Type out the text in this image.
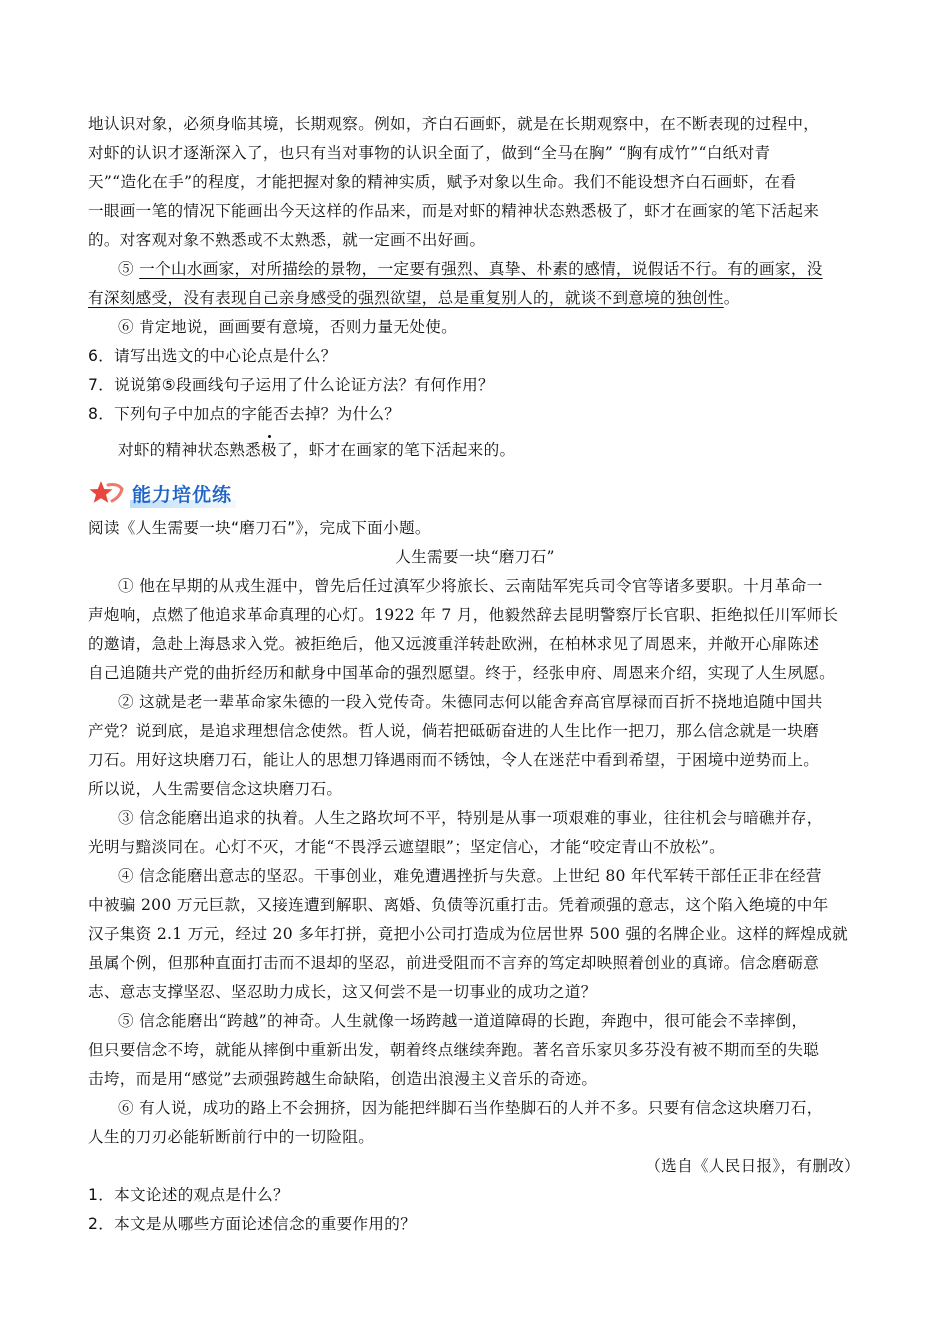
地认识对象，必须身临其境，长期观察。例如，齐白石画虾，就是在长期观察中，在不断表现的过程中，
对虾的认识才逐渐深入了，也只有当对事物的认识全面了，做到“全马在胸” “胸有成竹”“白纸对青
天”“造化在手”的程度，才能把握对象的精神实质，赋予对象以生命。我们不能设想齐白石画虾，在看
一眼画一笔的情况下能画出今天这样的作品来，而是对虾的精神状态熟悉极了，虾才在画家的笔下活起来
的。对客观对象不熟悉或不太熟悉，就一定画不出好画。
⑤ 一个山水画家，对所描绘的景物，一定要有强烈、真挚、朴素的感情，说假话不行。有的画家，没
有深刻感受，没有表现自己亲身感受的强烈欲望，总是重复别人的，就谈不到意境的独创性。
⑥ 肯定地说，画画要有意境，否则力量无处使。
6．请写出选文的中心论点是什么？
7．说说第⑤段画线句子运用了什么论证方法？有何作用？
8．下列句子中加点的字能否去掉？为什么？
对虾的精神状态熟悉极了，虾才在画家的笔下活起来的。
能力培优练
阅读《人生需要一块“磨刀石”》，完成下面小题。
人生需要一块“磨刀石”
① 他在早期的从戎生涯中，曾先后任过滇军少将旅长、云南陆军宪兵司令官等诸多要职。十月革命一
声炮响，点燃了他追求革命真理的心灯。1922 年 7 月，他毅然辞去昆明警察厅长官职、拒绝拟任川军师长
的邀请，急赴上海恳求入党。被拒绝后，他又远渡重洋转赴欧洲，在柏林求见了周恩来，并敞开心扉陈述
自己追随共产党的曲折经历和献身中国革命的强烈愿望。终于，经张申府、周恩来介绍，实现了人生夙愿。
② 这就是老一辈革命家朱德的一段入党传奇。朱德同志何以能舍弃高官厚禄而百折不挠地追随中国共
产党？说到底，是追求理想信念使然。哲人说，倘若把砥砺奋进的人生比作一把刀，那么信念就是一块磨
刀石。用好这块磨刀石，能让人的思想刀锋遇雨而不锈蚀，令人在迷茫中看到希望，于困境中逆势而上。
所以说，人生需要信念这块磨刀石。
③ 信念能磨出追求的执着。人生之路坎坷不平，特别是从事一项艰难的事业，往往机会与暗礁并存，
光明与黯淡同在。心灯不灭，才能“不畏浮云遮望眼”；坚定信心，才能“咬定青山不放松”。
④ 信念能磨出意志的坚忍。干事创业，难免遭遇挫折与失意。上世纪 80 年代军转干部任正非在经营
中被骗 200 万元巨款，又接连遭到解职、离婚、负债等沉重打击。凭着顽强的意志，这个陷入绝境的中年
汉子集资 2.1 万元，经过 20 多年打拼，竟把小公司打造成为位居世界 500 强的名牌企业。这样的辉煌成就
虽属个例，但那种直面打击而不退却的坚忍，前进受阻而不言弃的笃定却映照着创业的真谛。信念磨砺意
志、意志支撑坚忍、坚忍助力成长，这又何尝不是一切事业的成功之道？
⑤ 信念能磨出“跨越”的神奇。人生就像一场跨越一道道障碍的长跑，奔跑中，很可能会不幸摔倒，
但只要信念不垮，就能从摔倒中重新出发，朝着终点继续奔跑。著名音乐家贝多芬没有被不期而至的失聪
击垮，而是用“感觉”去顽强跨越生命缺陷，创造出浪漫主义音乐的奇迹。
⑥ 有人说，成功的路上不会拥挤，因为能把绊脚石当作垫脚石的人并不多。只要有信念这块磨刀石，
人生的刀刃必能斩断前行中的一切险阻。
（选自《人民日报》，有删改）
1．本文论述的观点是什么？
2．本文是从哪些方面论述信念的重要作用的？
